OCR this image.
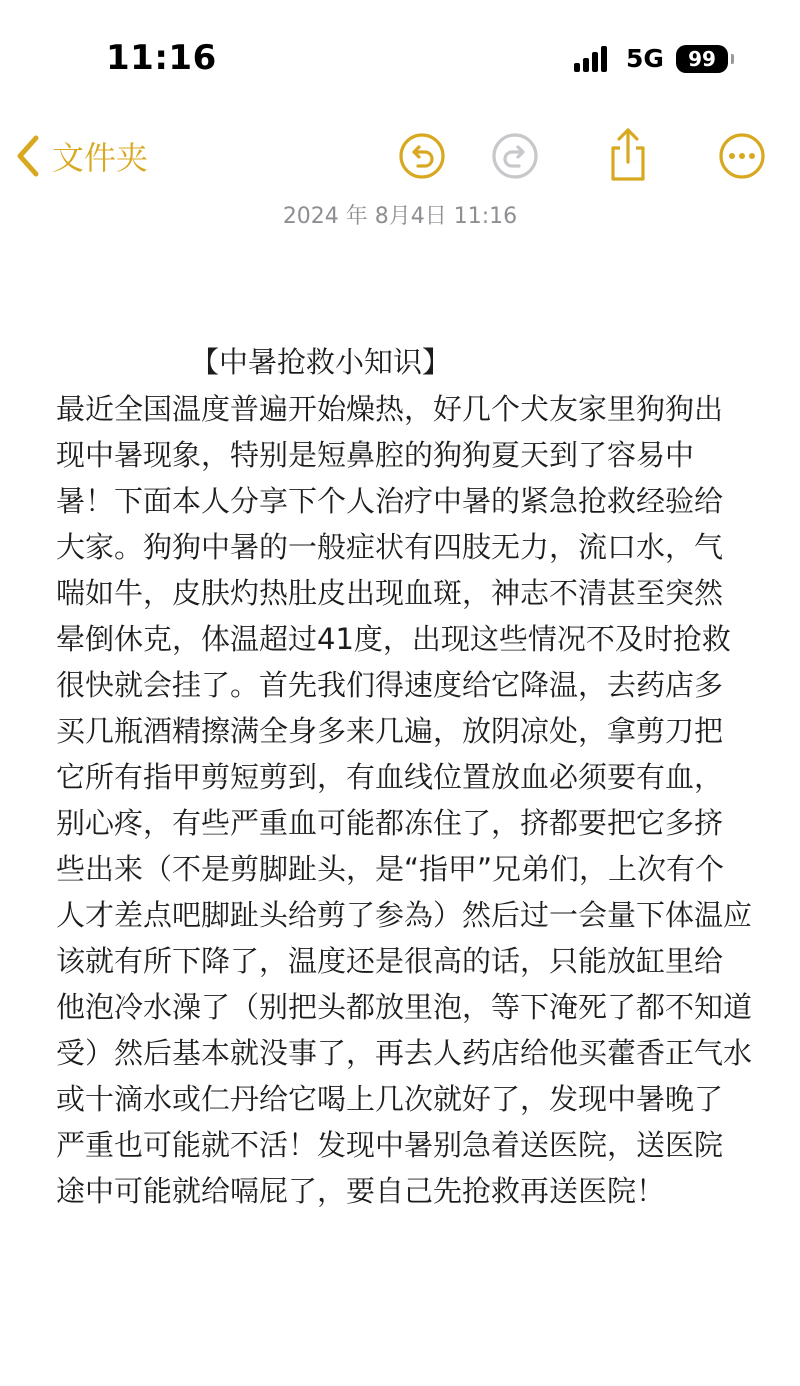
11:16	5G	99
文件夹
2024 年 8月4日 11:16
【中暑抢救小知识】
最近全国温度普遍开始燥热，好几个犬友家里狗狗出
现中暑现象，特别是短鼻腔的狗狗夏天到了容易中
暑！下面本人分享下个人治疗中暑的紧急抢救经验给
大家。狗狗中暑的一般症状有四肢无力，流口水，气
喘如牛，皮肤灼热肚皮出现血斑，神志不清甚至突然
晕倒休克，体温超过41度，出现这些情况不及时抢救
很快就会挂了。首先我们得速度给它降温，去药店多
买几瓶酒精擦满全身多来几遍，放阴凉处，拿剪刀把
它所有指甲剪短剪到，有血线位置放血必须要有血，
别心疼，有些严重血可能都冻住了，挤都要把它多挤
些出来（不是剪脚趾头，是“指甲”兄弟们，上次有个
人才差点吧脚趾头给剪了参為）然后过一会量下体温应
该就有所下降了，温度还是很高的话，只能放缸里给
他泡冷水澡了（别把头都放里泡，等下淹死了都不知道
受）然后基本就没事了，再去人药店给他买藿香正气水
或十滴水或仁丹给它喝上几次就好了，发现中暑晚了
严重也可能就不活！发现中暑别急着送医院，送医院
途中可能就给嗝屁了，要自己先抢救再送医院！
